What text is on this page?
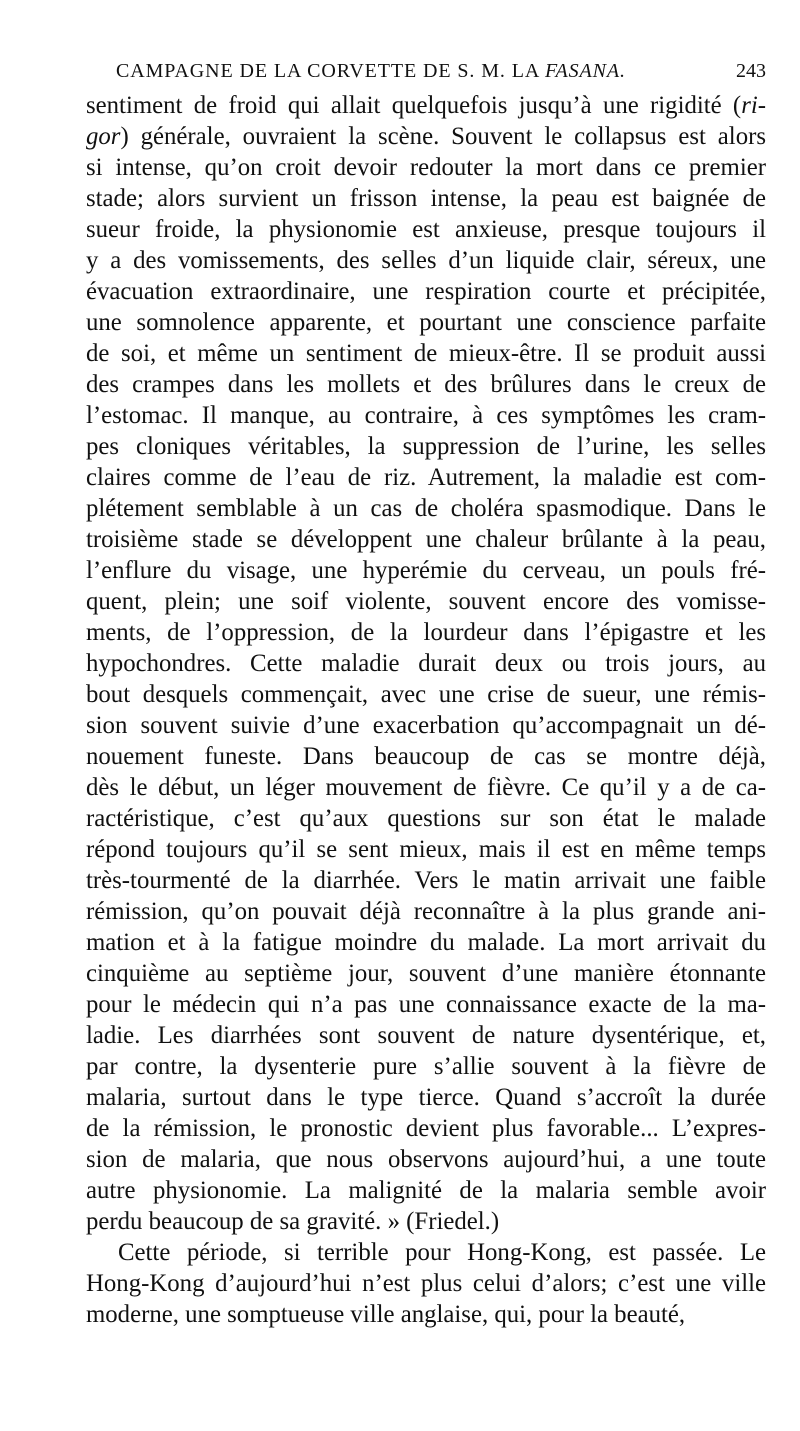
CAMPAGNE DE LA CORVETTE DE S. M. LA FASANA.	243
sentiment de froid qui allait quelquefois jusqu’à une rigidité (ri-
gor) générale, ouvraient la scène. Souvent le collapsus est alors
si intense, qu’on croit devoir redouter la mort dans ce premier
stade; alors survient un frisson intense, la peau est baignée de
sueur froide, la physionomie est anxieuse, presque toujours il
y a des vomissements, des selles d’un liquide clair, séreux, une
évacuation extraordinaire, une respiration courte et précipitée,
une somnolence apparente, et pourtant une conscience parfaite
de soi, et même un sentiment de mieux-être. Il se produit aussi
des crampes dans les mollets et des brûlures dans le creux de
l’estomac. Il manque, au contraire, à ces symptômes les cram-
pes cloniques véritables, la suppression de l’urine, les selles
claires comme de l’eau de riz. Autrement, la maladie est com-
plétement semblable à un cas de choléra spasmodique. Dans le
troisième stade se développent une chaleur brûlante à la peau,
l’enflure du visage, une hyperémie du cerveau, un pouls fré-
quent, plein; une soif violente, souvent encore des vomisse-
ments, de l’oppression, de la lourdeur dans l’épigastre et les
hypochondres. Cette maladie durait deux ou trois jours, au
bout desquels commençait, avec une crise de sueur, une rémis-
sion souvent suivie d’une exacerbation qu’accompagnait un dé-
nouement funeste. Dans beaucoup de cas se montre déjà,
dès le début, un léger mouvement de fièvre. Ce qu’il y a de ca-
ractéristique, c’est qu’aux questions sur son état le malade
répond toujours qu’il se sent mieux, mais il est en même temps
très-tourmenté de la diarrhée. Vers le matin arrivait une faible
rémission, qu’on pouvait déjà reconnaître à la plus grande ani-
mation et à la fatigue moindre du malade. La mort arrivait du
cinquième au septième jour, souvent d’une manière étonnante
pour le médecin qui n’a pas une connaissance exacte de la ma-
ladie. Les diarrhées sont souvent de nature dysentérique, et,
par contre, la dysenterie pure s’allie souvent à la fièvre de
malaria, surtout dans le type tierce. Quand s’accroît la durée
de la rémission, le pronostic devient plus favorable... L’expres-
sion de malaria, que nous observons aujourd’hui, a une toute
autre physionomie. La malignité de la malaria semble avoir
perdu beaucoup de sa gravité. » (Friedel.)
Cette période, si terrible pour Hong-Kong, est passée. Le
Hong-Kong d’aujourd’hui n’est plus celui d’alors; c’est une ville
moderne, une somptueuse ville anglaise, qui, pour la beauté,
